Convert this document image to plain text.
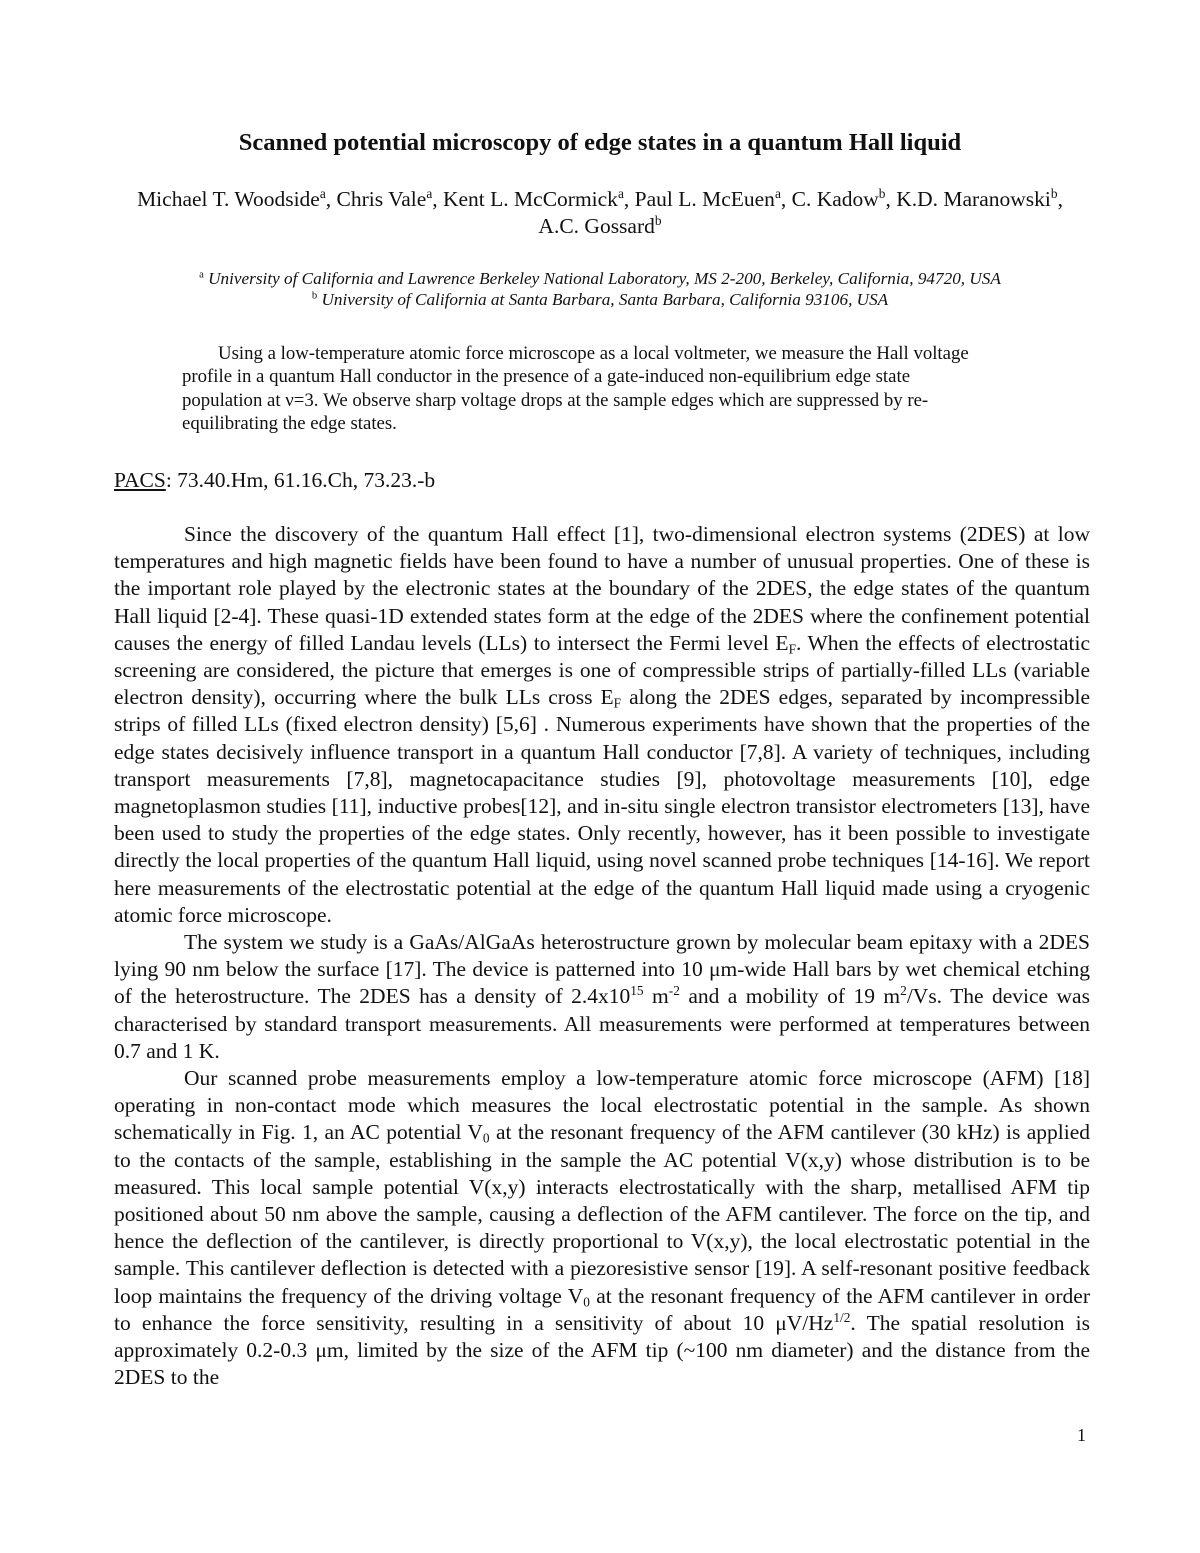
Scanned potential microscopy of edge states in a quantum Hall liquid
Michael T. Woodside$^a$, Chris Vale$^a$, Kent L. McCormick$^a$, Paul L. McEuen$^a$, C. Kadow$^b$, K.D. Maranowski$^b$, A.C. Gossard$^b$
$^a$ University of California and Lawrence Berkeley National Laboratory, MS 2-200, Berkeley, California, 94720, USA
$^b$ University of California at Santa Barbara, Santa Barbara, California 93106, USA

Using a low-temperature atomic force microscope as a local voltmeter, we measure the Hall voltage profile in a quantum Hall conductor in the presence of a gate-induced non-equilibrium edge state population at ν=3. We observe sharp voltage drops at the sample edges which are suppressed by re-equilibrating the edge states.

PACS: 73.40.Hm, 61.16.Ch, 73.23.-b

Since the discovery of the quantum Hall effect [1], two-dimensional electron systems (2DES) at low temperatures and high magnetic fields have been found to have a number of unusual properties. One of these is the important role played by the electronic states at the boundary of the 2DES, the edge states of the quantum Hall liquid [2-4]. These quasi-1D extended states form at the edge of the 2DES where the confinement potential causes the energy of filled Landau levels (LLs) to intersect the Fermi level $E_F$. When the effects of electrostatic screening are considered, the picture that emerges is one of compressible strips of partially-filled LLs (variable electron density), occurring where the bulk LLs cross $E_F$ along the 2DES edges, separated by incompressible strips of filled LLs (fixed electron density) [5,6] . Numerous experiments have shown that the properties of the edge states decisively influence transport in a quantum Hall conductor [7,8]. A variety of techniques, including transport measurements [7,8], magnetocapacitance studies [9], photovoltage measurements [10], edge magnetoplasmon studies [11], inductive probes[12], and in-situ single electron transistor electrometers [13], have been used to study the properties of the edge states. Only recently, however, has it been possible to investigate directly the local properties of the quantum Hall liquid, using novel scanned probe techniques [14-16]. We report here measurements of the electrostatic potential at the edge of the quantum Hall liquid made using a cryogenic atomic force microscope.

The system we study is a GaAs/AlGaAs heterostructure grown by molecular beam epitaxy with a 2DES lying 90 nm below the surface [17]. The device is patterned into 10 μm-wide Hall bars by wet chemical etching of the heterostructure. The 2DES has a density of $2.4x10^{15}$ $m^{-2}$ and a mobility of 19 $m^2/Vs$. The device was characterised by standard transport measurements. All measurements were performed at temperatures between 0.7 and 1 K.

Our scanned probe measurements employ a low-temperature atomic force microscope (AFM) [18] operating in non-contact mode which measures the local electrostatic potential in the sample. As shown schematically in Fig. 1, an AC potential $V_0$ at the resonant frequency of the AFM cantilever (30 kHz) is applied to the contacts of the sample, establishing in the sample the AC potential V(x,y) whose distribution is to be measured. This local sample potential V(x,y) interacts electrostatically with the sharp, metallised AFM tip positioned about 50 nm above the sample, causing a deflection of the AFM cantilever. The force on the tip, and hence the deflection of the cantilever, is directly proportional to V(x,y), the local electrostatic potential in the sample. This cantilever deflection is detected with a piezoresistive sensor [19]. A self-resonant positive feedback loop maintains the frequency of the driving voltage $V_0$ at the resonant frequency of the AFM cantilever in order to enhance the force sensitivity, resulting in a sensitivity of about 10 $\mu V/Hz^{1/2}$. The spatial resolution is approximately 0.2-0.3 μm, limited by the size of the AFM tip (~100 nm diameter) and the distance from the 2DES to the

1
